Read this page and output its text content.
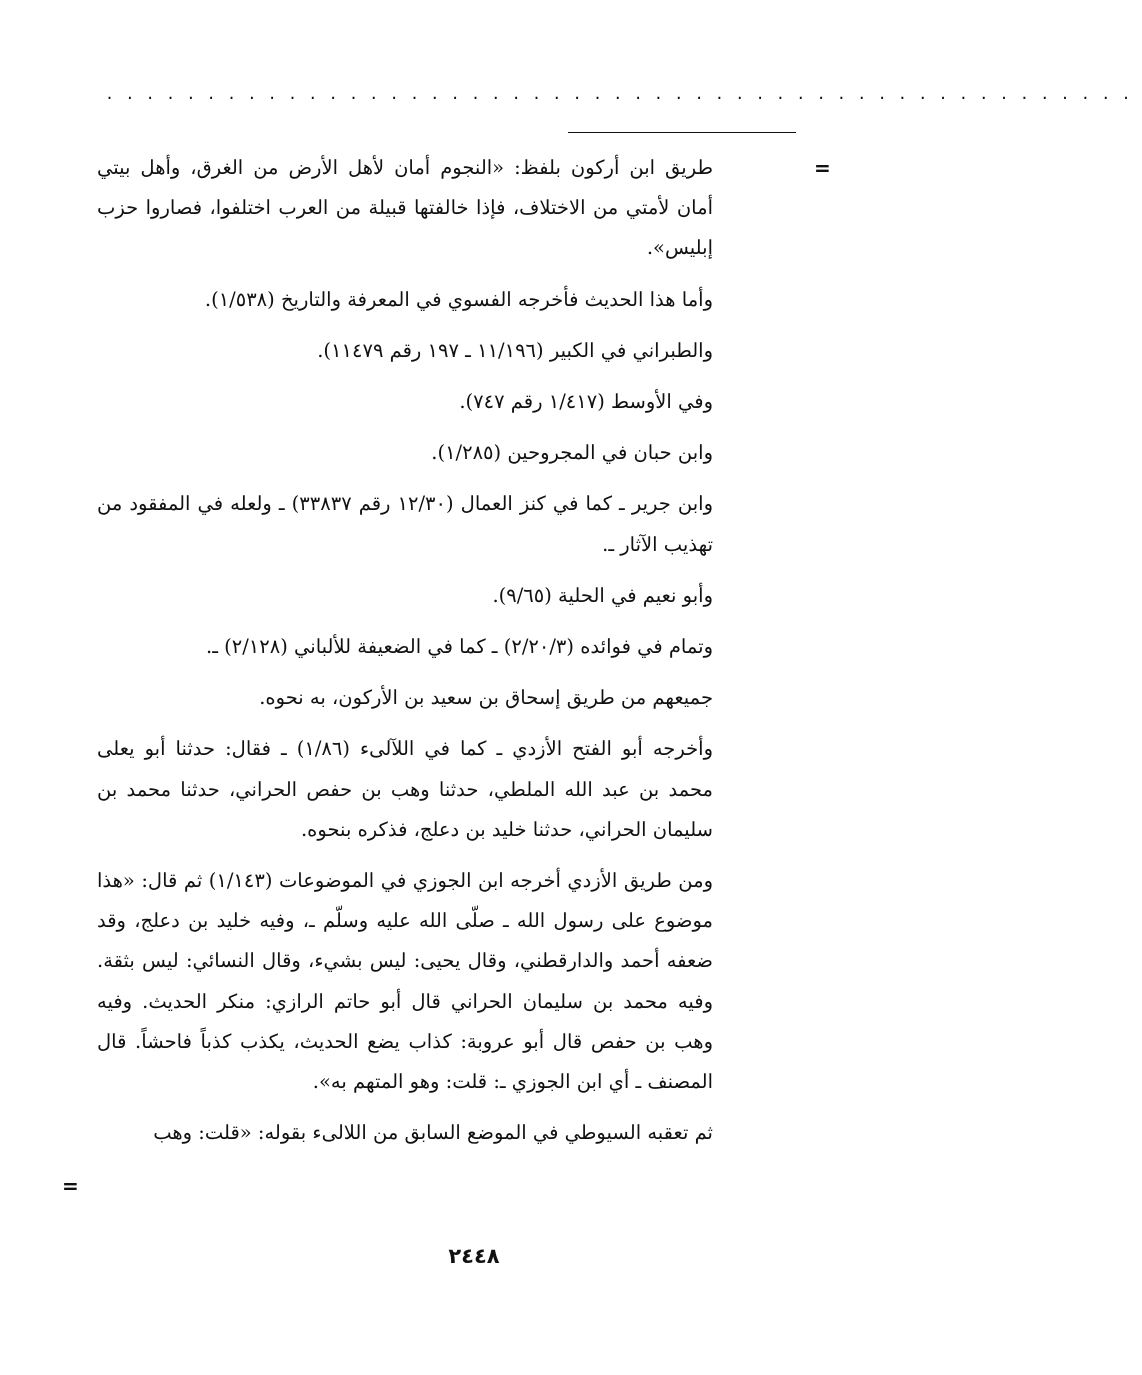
...................................................
=

طريق ابن أركون بلفظ: «النجوم أمان لأهل الأرض من الغرق، وأهل بيتي أمان لأمتي من الاختلاف، فإذا خالفتها قبيلة من العرب اختلفوا، فصاروا حزب إبليس».

وأما هذا الحديث فأخرجه الفسوي في المعرفة والتاريخ (١/٥٣٨).

والطبراني في الكبير (١١/١٩٦ ـ ١٩٧ رقم ١١٤٧٩).

وفي الأوسط (١/٤١٧ رقم ٧٤٧).

وابن حبان في المجروحين (١/٢٨٥).

وابن جرير ـ كما في كنز العمال (١٢/٣٠ رقم ٣٣٨٣٧) ـ ولعله في المفقود من تهذيب الآثار ـ.

وأبو نعيم في الحلية (٩/٦٥).

وتمام في فوائده (٢/٢٠/٣) ـ كما في الضعيفة للألباني (٢/١٢٨) ـ.

جميعهم من طريق إسحاق بن سعيد بن الأركون، به نحوه.

وأخرجه أبو الفتح الأزدي ـ كما في اللآلىء (١/٨٦) ـ فقال: حدثنا أبو يعلى محمد بن عبد الله الملطي، حدثنا وهب بن حفص الحراني، حدثنا محمد بن سليمان الحراني، حدثنا خليد بن دعلج، فذكره بنحوه.

ومن طريق الأزدي أخرجه ابن الجوزي في الموضوعات (١/١٤٣) ثم قال: «هذا موضوع على رسول الله ـ صلّى الله عليه وسلّم ـ، وفيه خليد بن دعلج، وقد ضعفه أحمد والدارقطني، وقال يحيى: ليس بشيء، وقال النسائي: ليس بثقة. وفيه محمد بن سليمان الحراني قال أبو حاتم الرازي: منكر الحديث. وفيه وهب بن حفص قال أبو عروبة: كذاب يضع الحديث، يكذب كذباً فاحشاً. قال المصنف ـ أي ابن الجوزي ـ: قلت: وهو المتهم به».

ثم تعقبه السيوطي في الموضع السابق من اللالىء بقوله: «قلت: وهب

=
٢٤٤٨
